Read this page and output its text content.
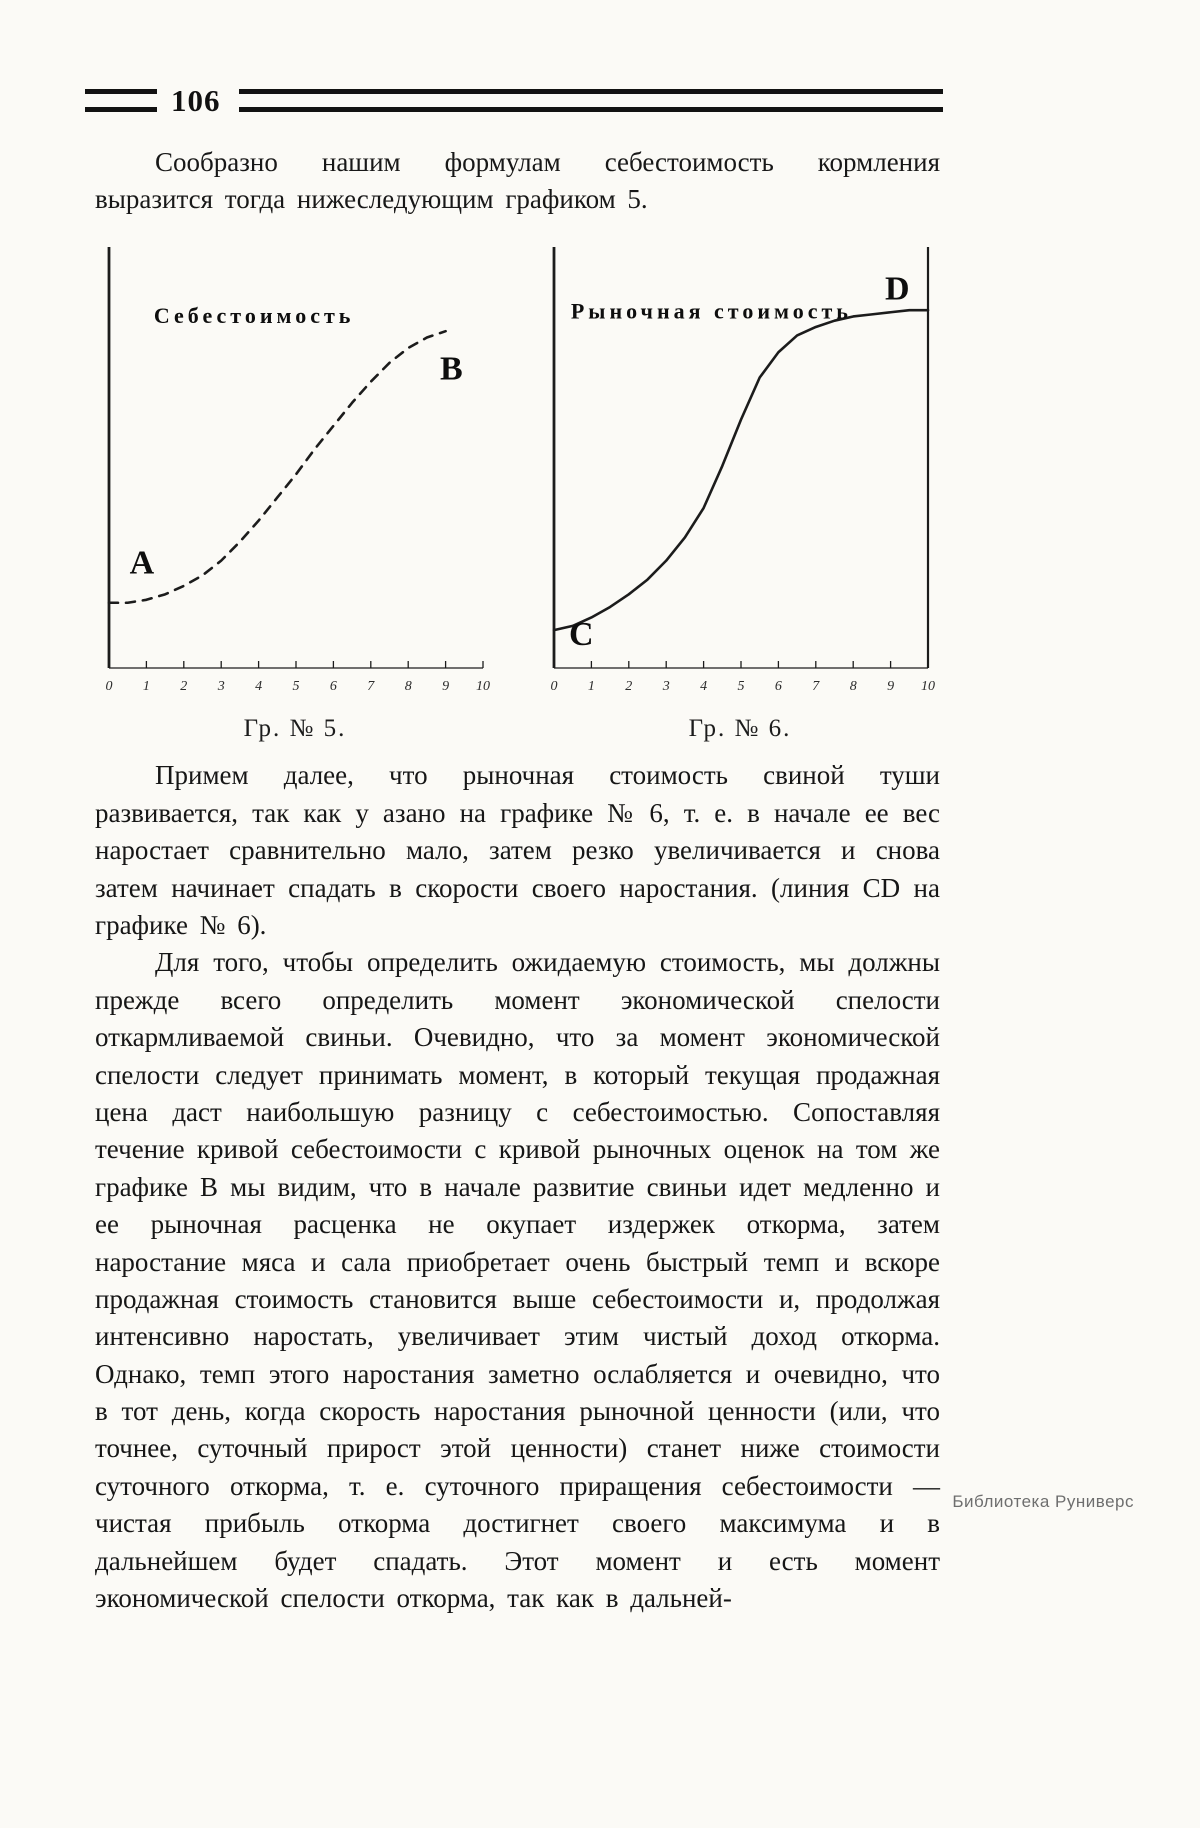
106

Сообразно нашим формулам себестоимость кормления выразится тогда нижеследующим графиком 5.

0 1 2 3 4 5 6 7 8 9 10
Себестоимость
A
B
0 1 2 3 4 5 6 7 8 9 10
Рыночная стоимость
C
D
Гр. № 5.	Гр. № 6.

Примем далее, что рыночная стоимость свиной туши развивается, так как у азано на графике № 6, т. е. в начале ее вес наростает сравнительно мало, затем резко увеличивается и снова затем начинает спадать в скорости своего наростания. (линия CD на графике № 6).

Для того, чтобы определить ожидаемую стоимость, мы должны прежде всего определить момент экономической спелости откармливаемой свиньи. Очевидно, что за момент экономической спелости следует принимать момент, в который текущая продажная цена даст наибольшую разницу с себестоимостью. Сопоставляя течение кривой себестоимости с кривой рыночных оценок на том же графике В мы видим, что в начале развитие свиньи идет медленно и ее рыночная расценка не окупает издержек откорма, затем наростание мяса и сала приобретает очень быстрый темп и вскоре продажная стоимость становится выше себестоимости и, продолжая интенсивно наростать, увеличивает этим чистый доход откорма. Однако, темп этого наростания заметно ослабляется и очевидно, что в тот день, когда скорость наростания рыночной ценности (или, что точнее, суточный прирост этой ценности) станет ниже стоимости суточного откорма, т. е. суточного приращения себестоимости — чистая прибыль откорма достигнет своего максимума и в дальнейшем будет спадать. Этот момент и есть момент экономической спелости откорма, так как в дальней-

Библиотека Руниверс
